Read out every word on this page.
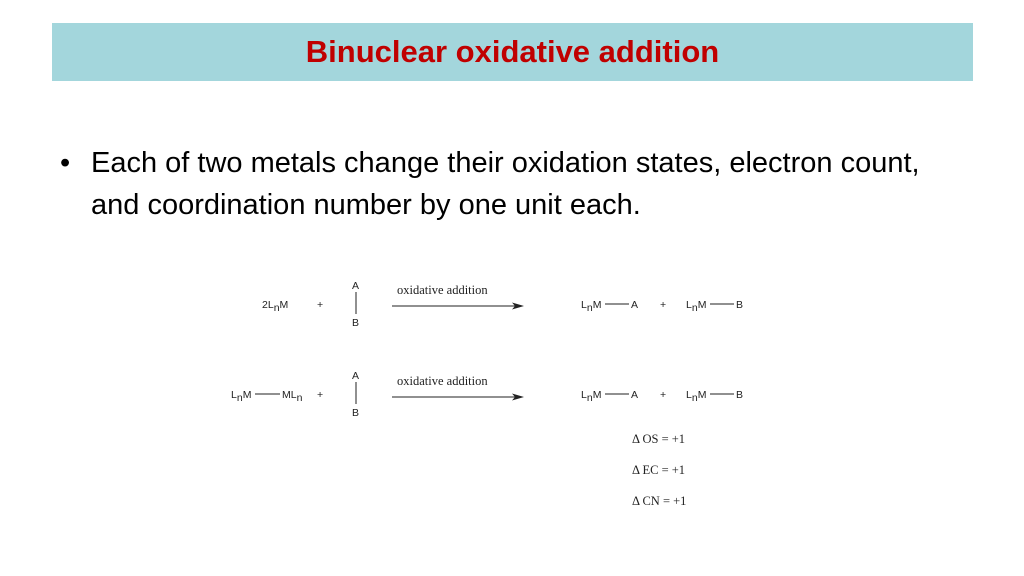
Binuclear oxidative addition
• Each of two metals change their oxidation states, electron count, and coordination number by one unit each.
2LnM	+
A
B
oxidative addition
LnM	A + LnM	B
LnM	MLn +
A
B
oxidative addition
LnM	A + LnM	B
Δ OS = +1
Δ EC = +1
Δ CN = +1
